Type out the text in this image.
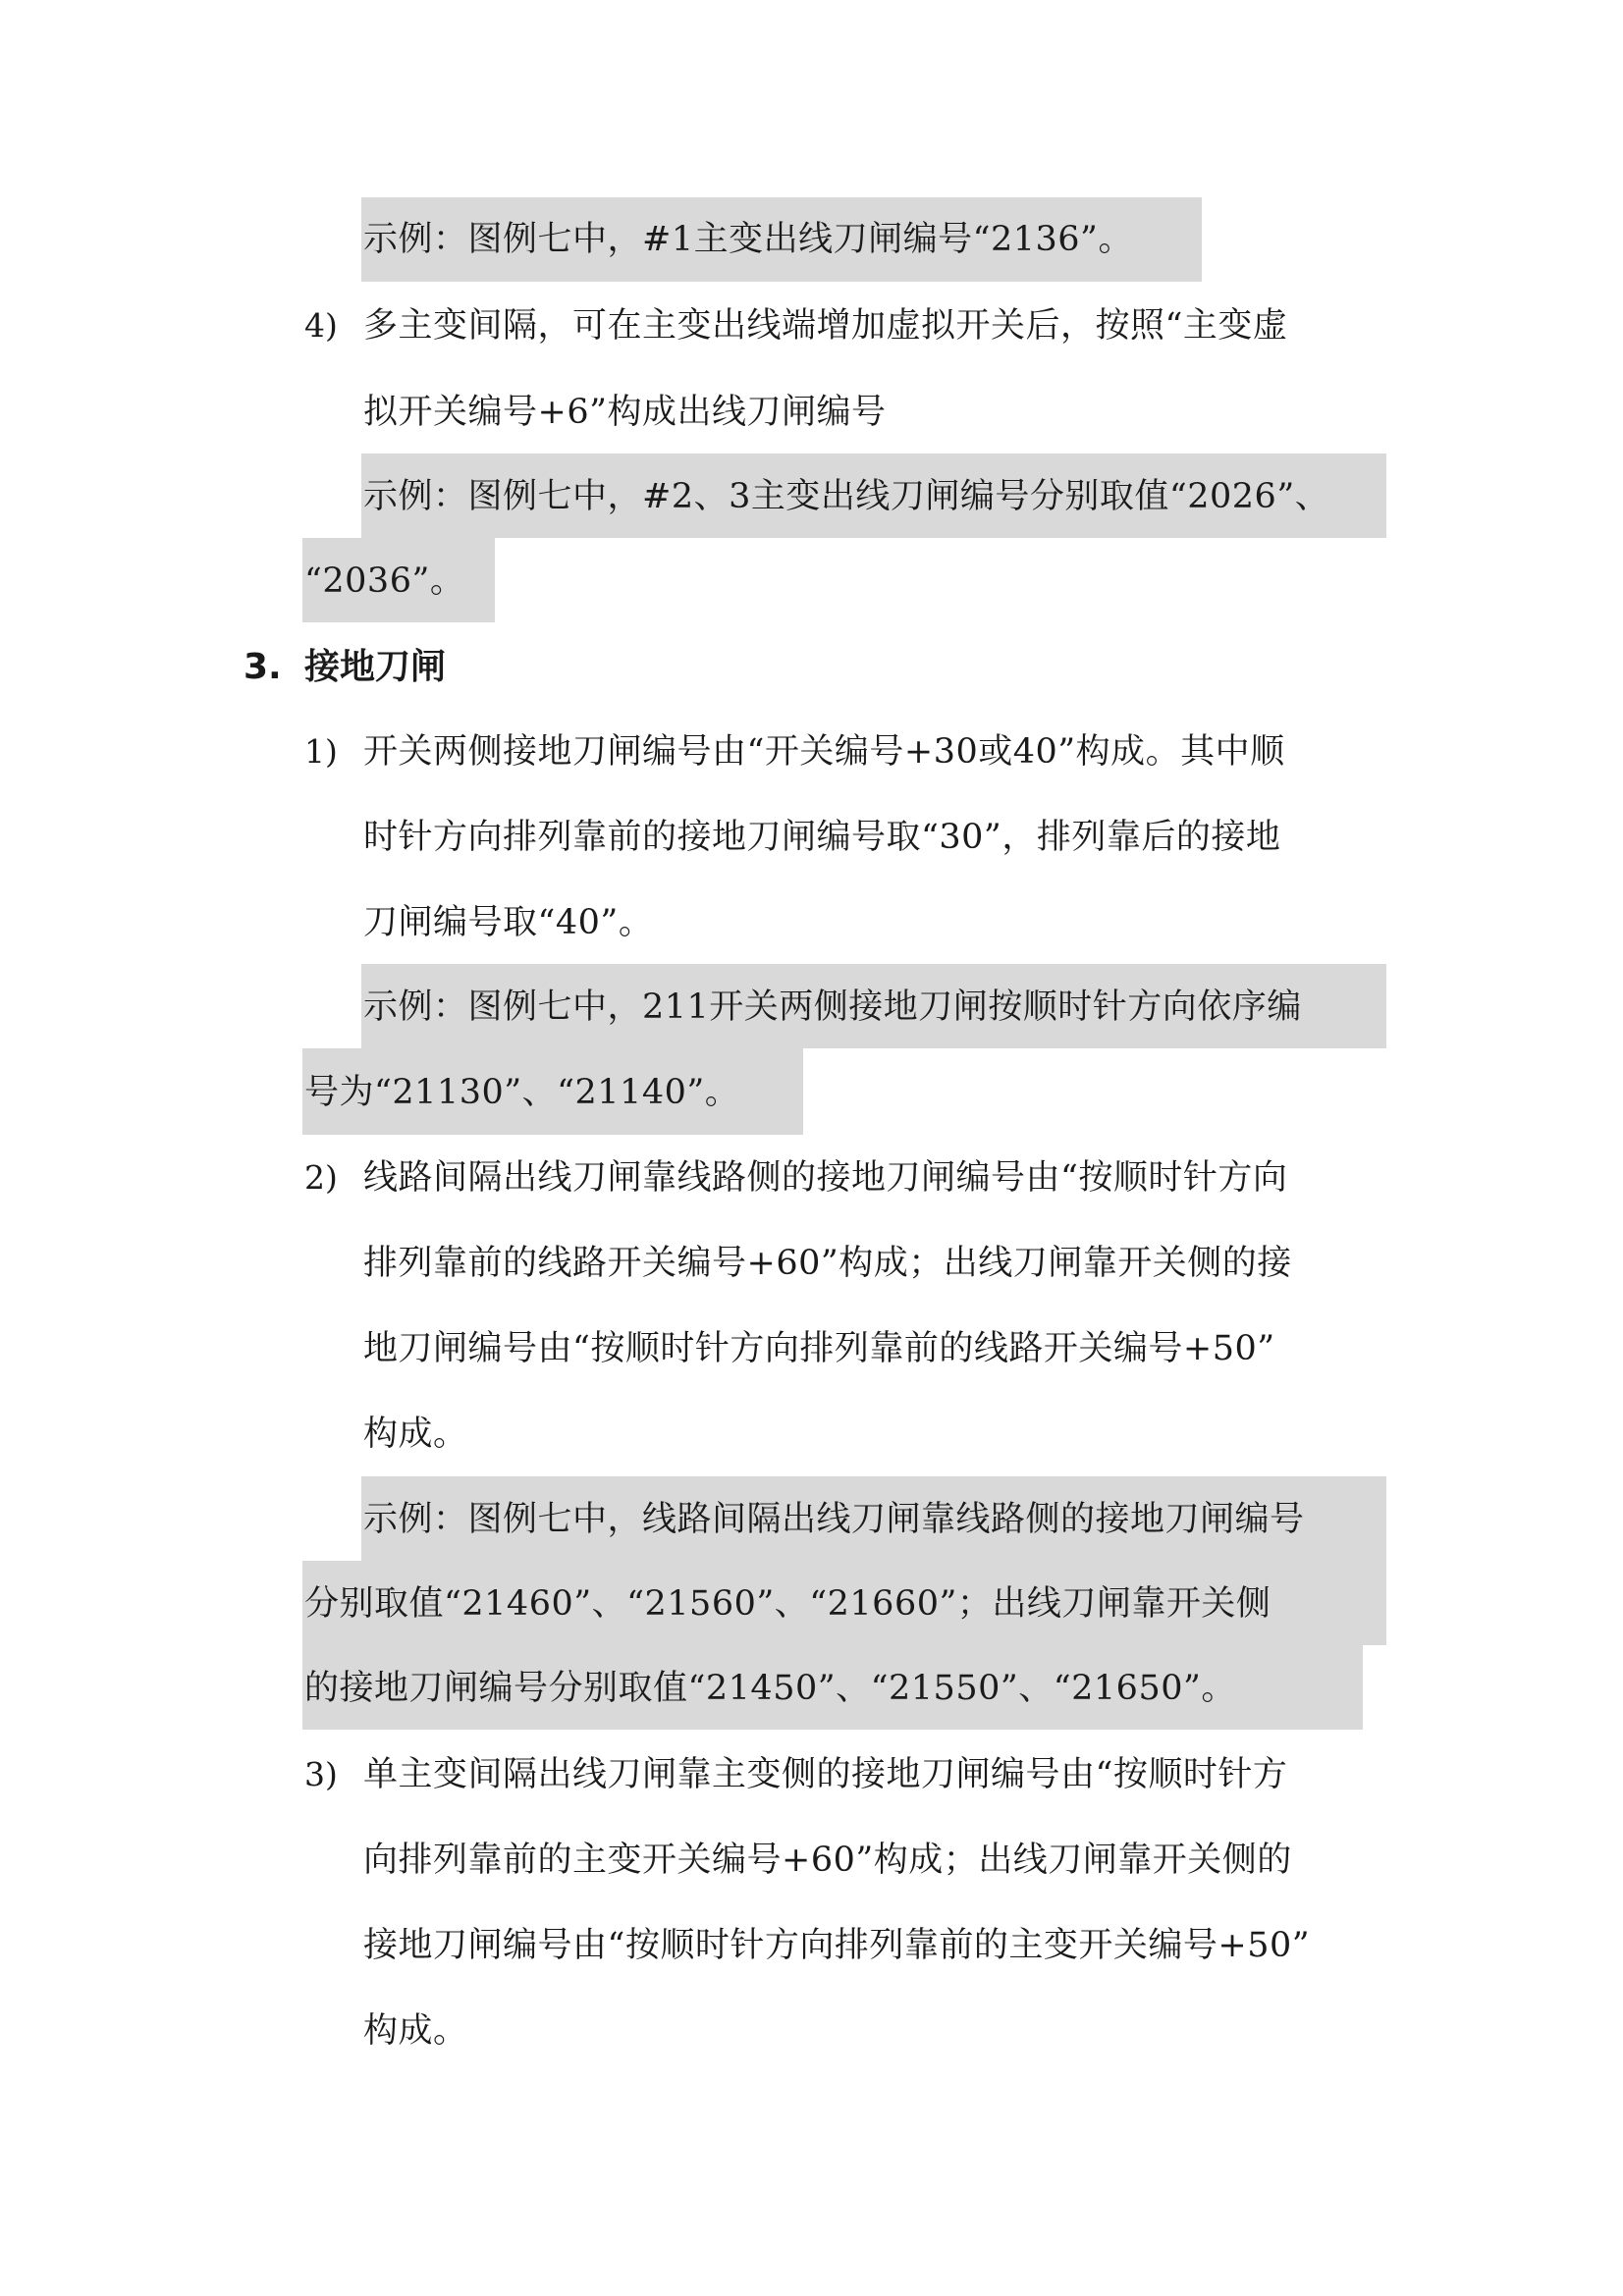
示例：图例七中，#1主变出线刀闸编号“2136”。
4) 多主变间隔，可在主变出线端增加虚拟开关后，按照“主变虚
拟开关编号+6”构成出线刀闸编号
示例：图例七中，#2、3主变出线刀闸编号分别取值“2026”、
“2036”。
3. 接地刀闸
1) 开关两侧接地刀闸编号由“开关编号+30或40”构成。其中顺
时针方向排列靠前的接地刀闸编号取“30”，排列靠后的接地
刀闸编号取“40”。
示例：图例七中，211开关两侧接地刀闸按顺时针方向依序编
号为“21130”、“21140”。
2) 线路间隔出线刀闸靠线路侧的接地刀闸编号由“按顺时针方向
排列靠前的线路开关编号+60”构成；出线刀闸靠开关侧的接
地刀闸编号由“按顺时针方向排列靠前的线路开关编号+50”
构成。
示例：图例七中，线路间隔出线刀闸靠线路侧的接地刀闸编号
分别取值“21460”、“21560”、“21660”；出线刀闸靠开关侧
的接地刀闸编号分别取值“21450”、“21550”、“21650”。
3) 单主变间隔出线刀闸靠主变侧的接地刀闸编号由“按顺时针方
向排列靠前的主变开关编号+60”构成；出线刀闸靠开关侧的
接地刀闸编号由“按顺时针方向排列靠前的主变开关编号+50”
构成。
